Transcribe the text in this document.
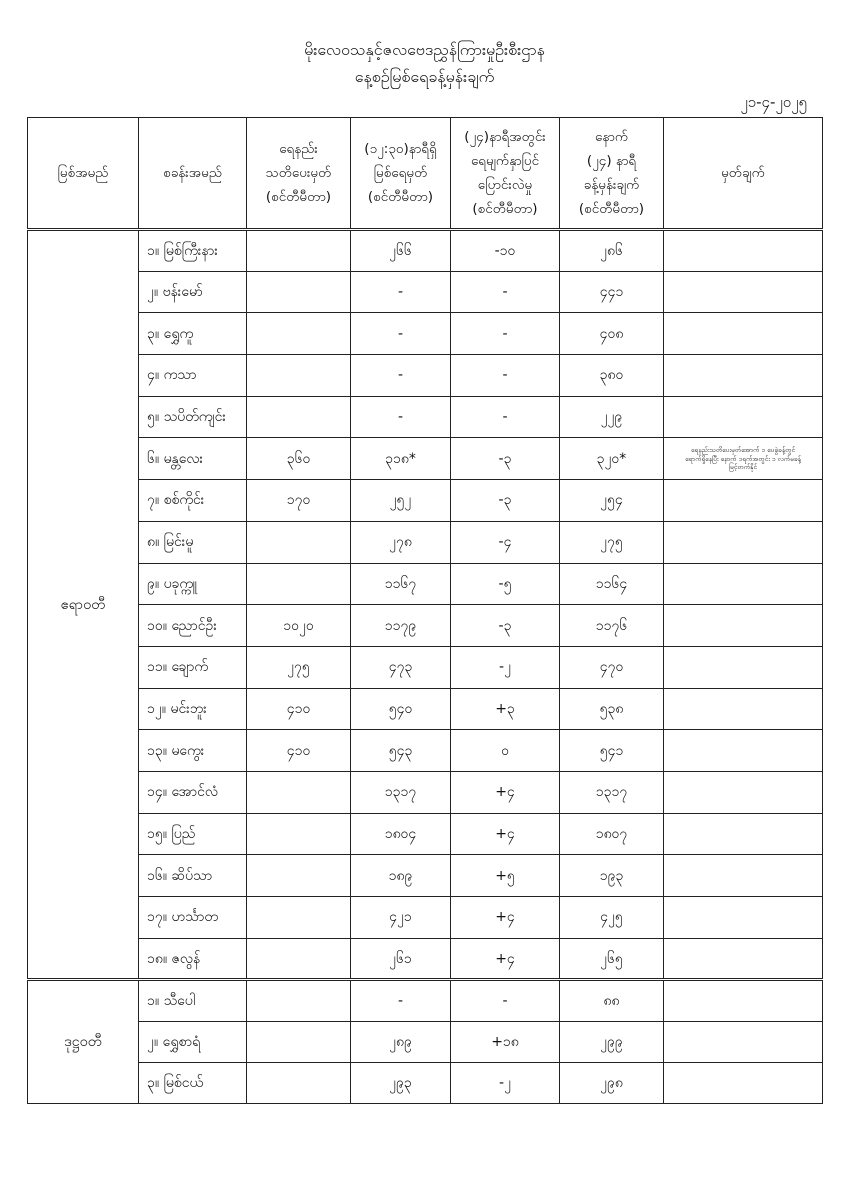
မိုးလေဝသနှင့်ဇလဗေဒညွှန်ကြားမှုဦးစီးဌာန
နေ့စဉ်မြစ်ရေခန့်မှန်းချက်
၂၁-၄-၂၀၂၅
မြစ်အမည်	စခန်းအမည်	ရေနည်း
သတိပေးမှတ်
(စင်တီမီတာ)	(၁၂:၃၀)နာရီရှိ
မြစ်ရေမှတ်
(စင်တီမီတာ)	(၂၄)နာရီအတွင်း
ရေမျက်နှာပြင်
ပြောင်းလဲမှု
(စင်တီမီတာ)	နောက်
(၂၄) နာရီ
ခန့်မှန်းချက်
(စင်တီမီတာ)	မှတ်ချက်

ဧရာဝတီ	၁။ မြစ်ကြီးနား		၂၆၆	-၁၀	၂၈၆	
	၂။ ဗန်းမော်		-	-	၄၄၁	
	၃။ ရွှေကူ		-	-	၄၀၈	
	၄။ ကသာ		-	-	၃၈၀	
	၅။ သပိတ်ကျင်း		-	-	၂၂၉	
	၆။ မန္တလေး	၃၆၀	၃၁၈*	-၃	၃၂၀*	ရေနည်းသတိပေးမှတ်အောက် ၁ ပေခွဲခန့်တွင်
ရောက်ရှိနေပြီး နောက် ၁ရက်အတွင်း ၁ လက်မခန့်
မြင့်တက်နိုင်

	၇။ စစ်ကိုင်း	၁၇၀	၂၅၂	-၃	၂၅၄	
	၈။ မြင်းမူ		၂၇၈	-၄	၂၇၅	
	၉။ ပခုက္ကူ		၁၁၆၇	-၅	၁၁၆၄	
	၁၀။ ညောင်ဦး	၁၀၂၀	၁၁၇၉	-၃	၁၁၇၆	
	၁၁။ ချောက်	၂၇၅	၄၇၃	-၂	၄၇၀	
	၁၂။ မင်းဘူး	၄၁၀	၅၄၀	+၃	၅၃၈	
	၁၃။ မကွေး	၄၁၀	၅၄၃	၀	၅၄၁	
	၁၄။ အောင်လံ		၁၃၁၇	+၄	၁၃၁၇	
	၁၅။ ပြည်		၁၈၀၄	+၄	၁၈၀၇	
	၁၆။ ဆိပ်သာ		၁၈၉	+၅	၁၉၃	
	၁၇။ ဟင်္သာတ		၄၂၁	+၄	၄၂၅	
	၁၈။ ဇလွန်		၂၆၁	+၄	၂၆၅	
ဒုဋ္ဌဝတီ	၁။ သီပေါ		-	-	၈၈	
	၂။ ရွှေစာရံ		၂၈၉	+၁၈	၂၉၉	
	၃။ မြစ်ငယ်		၂၉၃	-၂	၂၉၈	
